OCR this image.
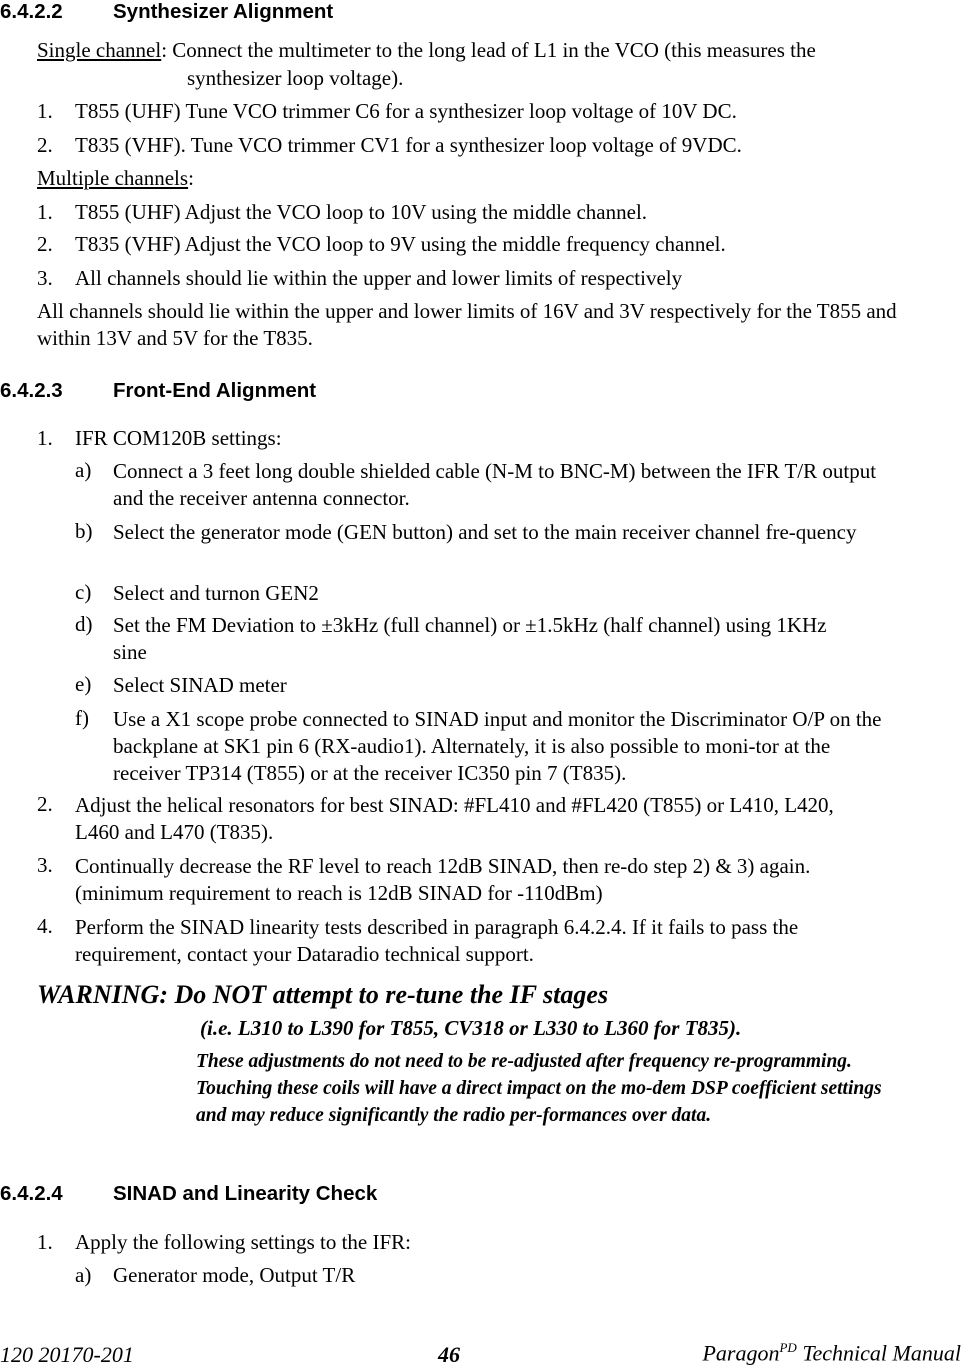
6.4.2.2 Synthesizer Alignment
Single channel: Connect the multimeter to the long lead of L1 in the VCO (this measures the
synthesizer loop voltage).
1. T855 (UHF) Tune VCO trimmer C6 for a synthesizer loop voltage of 10V DC.
2. T835 (VHF). Tune VCO trimmer CV1 for a synthesizer loop voltage of 9VDC.
Multiple channels:
1. T855 (UHF) Adjust the VCO loop to 10V using the middle channel.
2. T835 (VHF) Adjust the VCO loop to 9V using the middle frequency channel.
3. All channels should lie within the upper and lower limits of respectively
All channels should lie within the upper and lower limits of 16V and 3V respectively for the T855 and within 13V and 5V for the T835.
6.4.2.3 Front-End Alignment
1. IFR COM120B settings:
a) Connect a 3 feet long double shielded cable (N-M to BNC-M) between the IFR T/R output and the receiver antenna connector.
b) Select the generator mode (GEN button) and set to the main receiver channel fre-quency
c) Select and turnon GEN2
d) Set the FM Deviation to ±3kHz (full channel) or ±1.5kHz (half channel) using 1KHz sine
e) Select SINAD meter
f) Use a X1 scope probe connected to SINAD input and monitor the Discriminator O/P on the backplane at SK1 pin 6 (RX-audio1). Alternately, it is also possible to moni-tor at the receiver TP314 (T855) or at the receiver IC350 pin 7 (T835).
2. Adjust the helical resonators for best SINAD: #FL410 and #FL420 (T855) or L410, L420, L460 and L470 (T835).
3. Continually decrease the RF level to reach 12dB SINAD, then re-do step 2) & 3) again. (minimum requirement to reach is 12dB SINAD for -110dBm)
4. Perform the SINAD linearity tests described in paragraph 6.4.2.4. If it fails to pass the requirement, contact your Dataradio technical support.
WARNING: Do NOT attempt to re-tune the IF stages
(i.e. L310 to L390 for T855, CV318 or L330 to L360 for T835).
These adjustments do not need to be re-adjusted after frequency re-programming. Touching these coils will have a direct impact on the mo-dem DSP coefficient settings and may reduce significantly the radio per-formances over data.
6.4.2.4 SINAD and Linearity Check
1. Apply the following settings to the IFR:
a) Generator mode, Output T/R
120 20170-201	46	Paragon$^{PD}$ Technical Manual
